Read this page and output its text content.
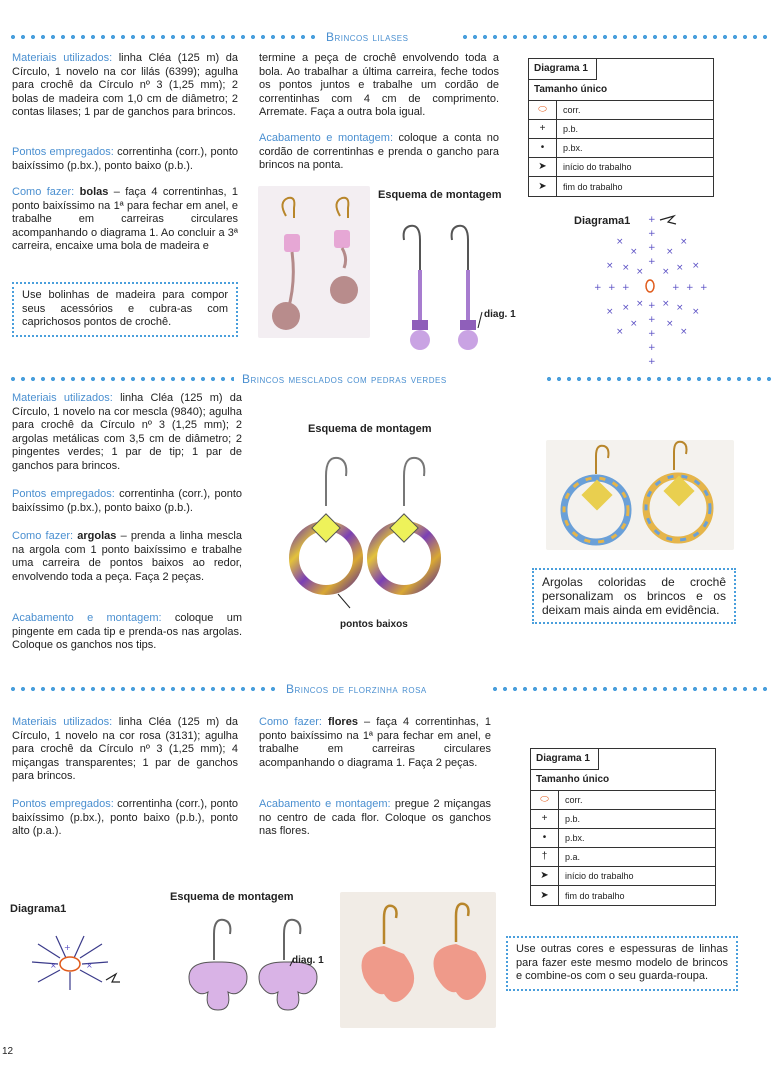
Brincos lilases
Materiais utilizados: linha Cléa (125 m) da Círculo, 1 novelo na cor lilás (6399); agulha para crochê da Círculo nº 3 (1,25 mm); 2 bolas de madeira com 1,0 cm de diâmetro; 2 contas lilases; 1 par de ganchos para brincos.
Pontos empregados: correntinha (corr.), ponto baixíssimo (p.bx.), ponto baixo (p.b.).
Como fazer: bolas – faça 4 correntinhas, 1 ponto baixíssimo na 1ª para fechar em anel, e trabalhe em carreiras circulares acompanhando o diagrama 1. Ao concluir a 3ª carreira, encaixe uma bola de madeira e
Use bolinhas de madeira para compor seus acessórios e cubra-as com caprichosos pontos de crochê.
termine a peça de crochê envolvendo toda a bola. Ao trabalhar a última carreira, feche todos os pontos juntos e trabalhe um cordão de correntinhas com 4 cm de comprimento. Arremate. Faça a outra bola igual.
Acabamento e montagem: coloque a conta no cordão de correntinhas e prenda o gancho para brincos na ponta.
Esquema de montagem
diag. 1
Diagrama 1
Tamanho único
⬭	corr.
+	p.b.
•	p.bx.
➤	início do trabalho
➤	fim do trabalho
Diagrama1 +
+
+
+
+
+
+
+
+
×
×	×
×
× × × × × ×
+ + +	+ + +
× × × × × ×
×
×	×
×
Brincos mesclados com pedras verdes
Materiais utilizados: linha Cléa (125 m) da Círculo, 1 novelo na cor mescla (9840); agulha para crochê da Círculo nº 3 (1,25 mm); 2 argolas metálicas com 3,5 cm de diâmetro; 2 pingentes verdes; 1 par de tip; 1 par de ganchos para brincos.
Pontos empregados: correntinha (corr.), ponto baixíssimo (p.bx.), ponto baixo (p.b.).
Como fazer: argolas – prenda a linha mescla na argola com 1 ponto baixíssimo e trabalhe uma carreira de pontos baixos ao redor, envolvendo toda a peça. Faça 2 peças.
Acabamento e montagem: coloque um pingente em cada tip e prenda-os nas argolas. Coloque os ganchos nos tips.
Esquema de montagem
pontos baixos
Argolas coloridas de crochê personalizam os brincos e os deixam mais ainda em evidência.
Brincos de florzinha rosa
Materiais utilizados: linha Cléa (125 m) da Círculo, 1 novelo na cor rosa (3131); agulha para crochê da Círculo nº 3 (1,25 mm); 4 miçangas transparentes; 1 par de ganchos para brincos.
Pontos empregados: correntinha (corr.), ponto baixíssimo (p.bx.), ponto baixo (p.b.), ponto alto (p.a.).
Como fazer: flores – faça 4 correntinhas, 1 ponto baixíssimo na 1ª para fechar em anel, e trabalhe em carreiras circulares acompanhando o diagrama 1. Faça 2 peças.
Acabamento e montagem: pregue 2 miçangas no centro de cada flor. Coloque os ganchos nas flores.
Diagrama 1
Tamanho único
⬭	corr.
+	p.b.
•	p.bx.
†	p.a.
➤	início do trabalho
➤	fim do trabalho
Diagrama1
+
×	×
Esquema de montagem
diag. 1
Use outras cores e espessuras de linhas para fazer este mesmo modelo de brincos e combine-os com o seu guarda-roupa.
12
